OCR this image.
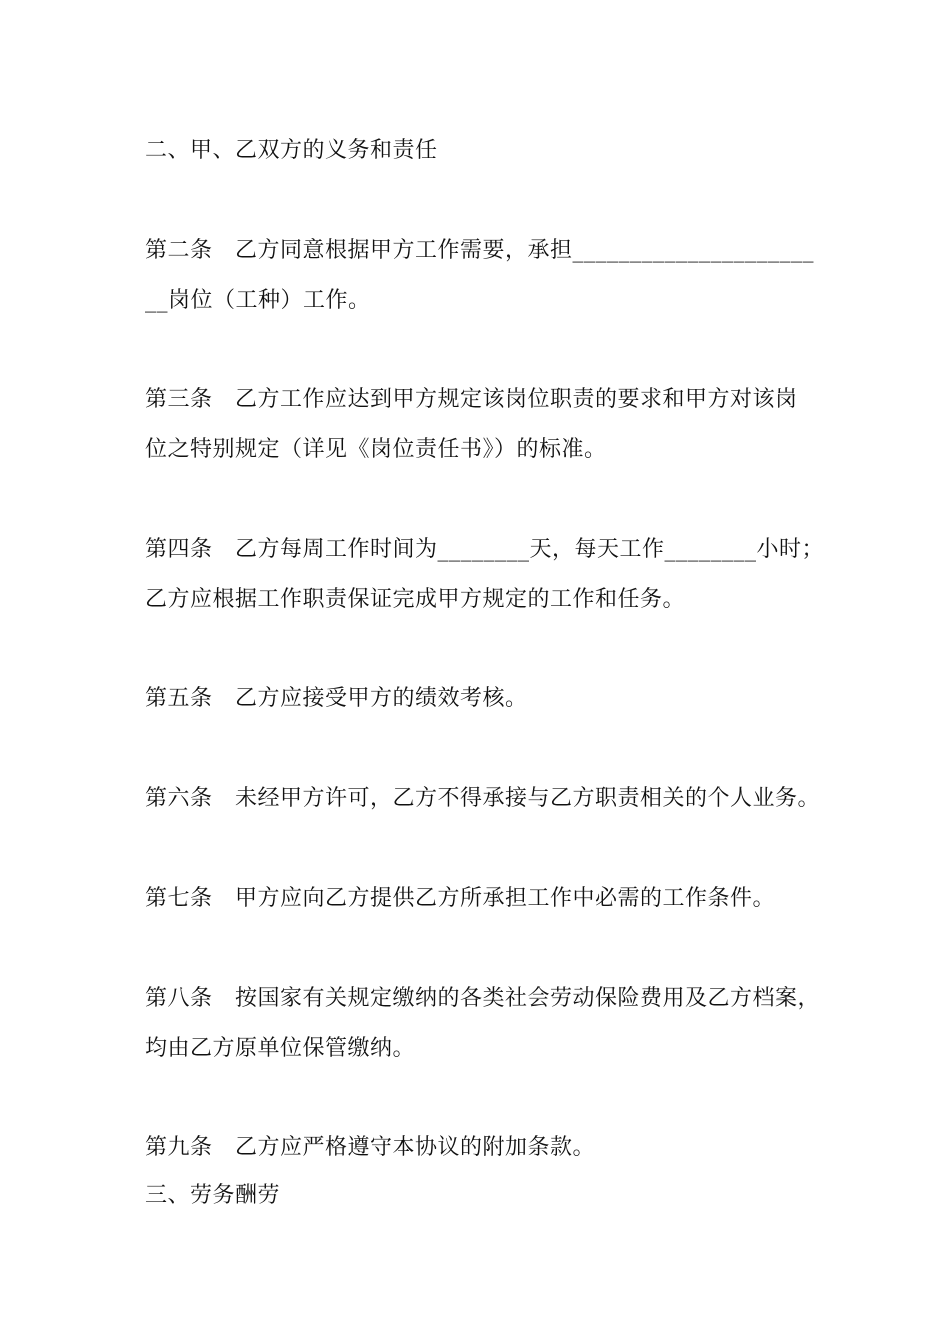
二、甲、乙双方的义务和责任
第二条　乙方同意根据甲方工作需要，承担_____________________
__岗位（工种）工作。
第三条　乙方工作应达到甲方规定该岗位职责的要求和甲方对该岗
位之特别规定（详见《岗位责任书》）的标准。
第四条　乙方每周工作时间为________天，每天工作________小时；
乙方应根据工作职责保证完成甲方规定的工作和任务。
第五条　乙方应接受甲方的绩效考核。
第六条　未经甲方许可，乙方不得承接与乙方职责相关的个人业务。
第七条　甲方应向乙方提供乙方所承担工作中必需的工作条件。
第八条　按国家有关规定缴纳的各类社会劳动保险费用及乙方档案，
均由乙方原单位保管缴纳。
第九条　乙方应严格遵守本协议的附加条款。
三、劳务酬劳
